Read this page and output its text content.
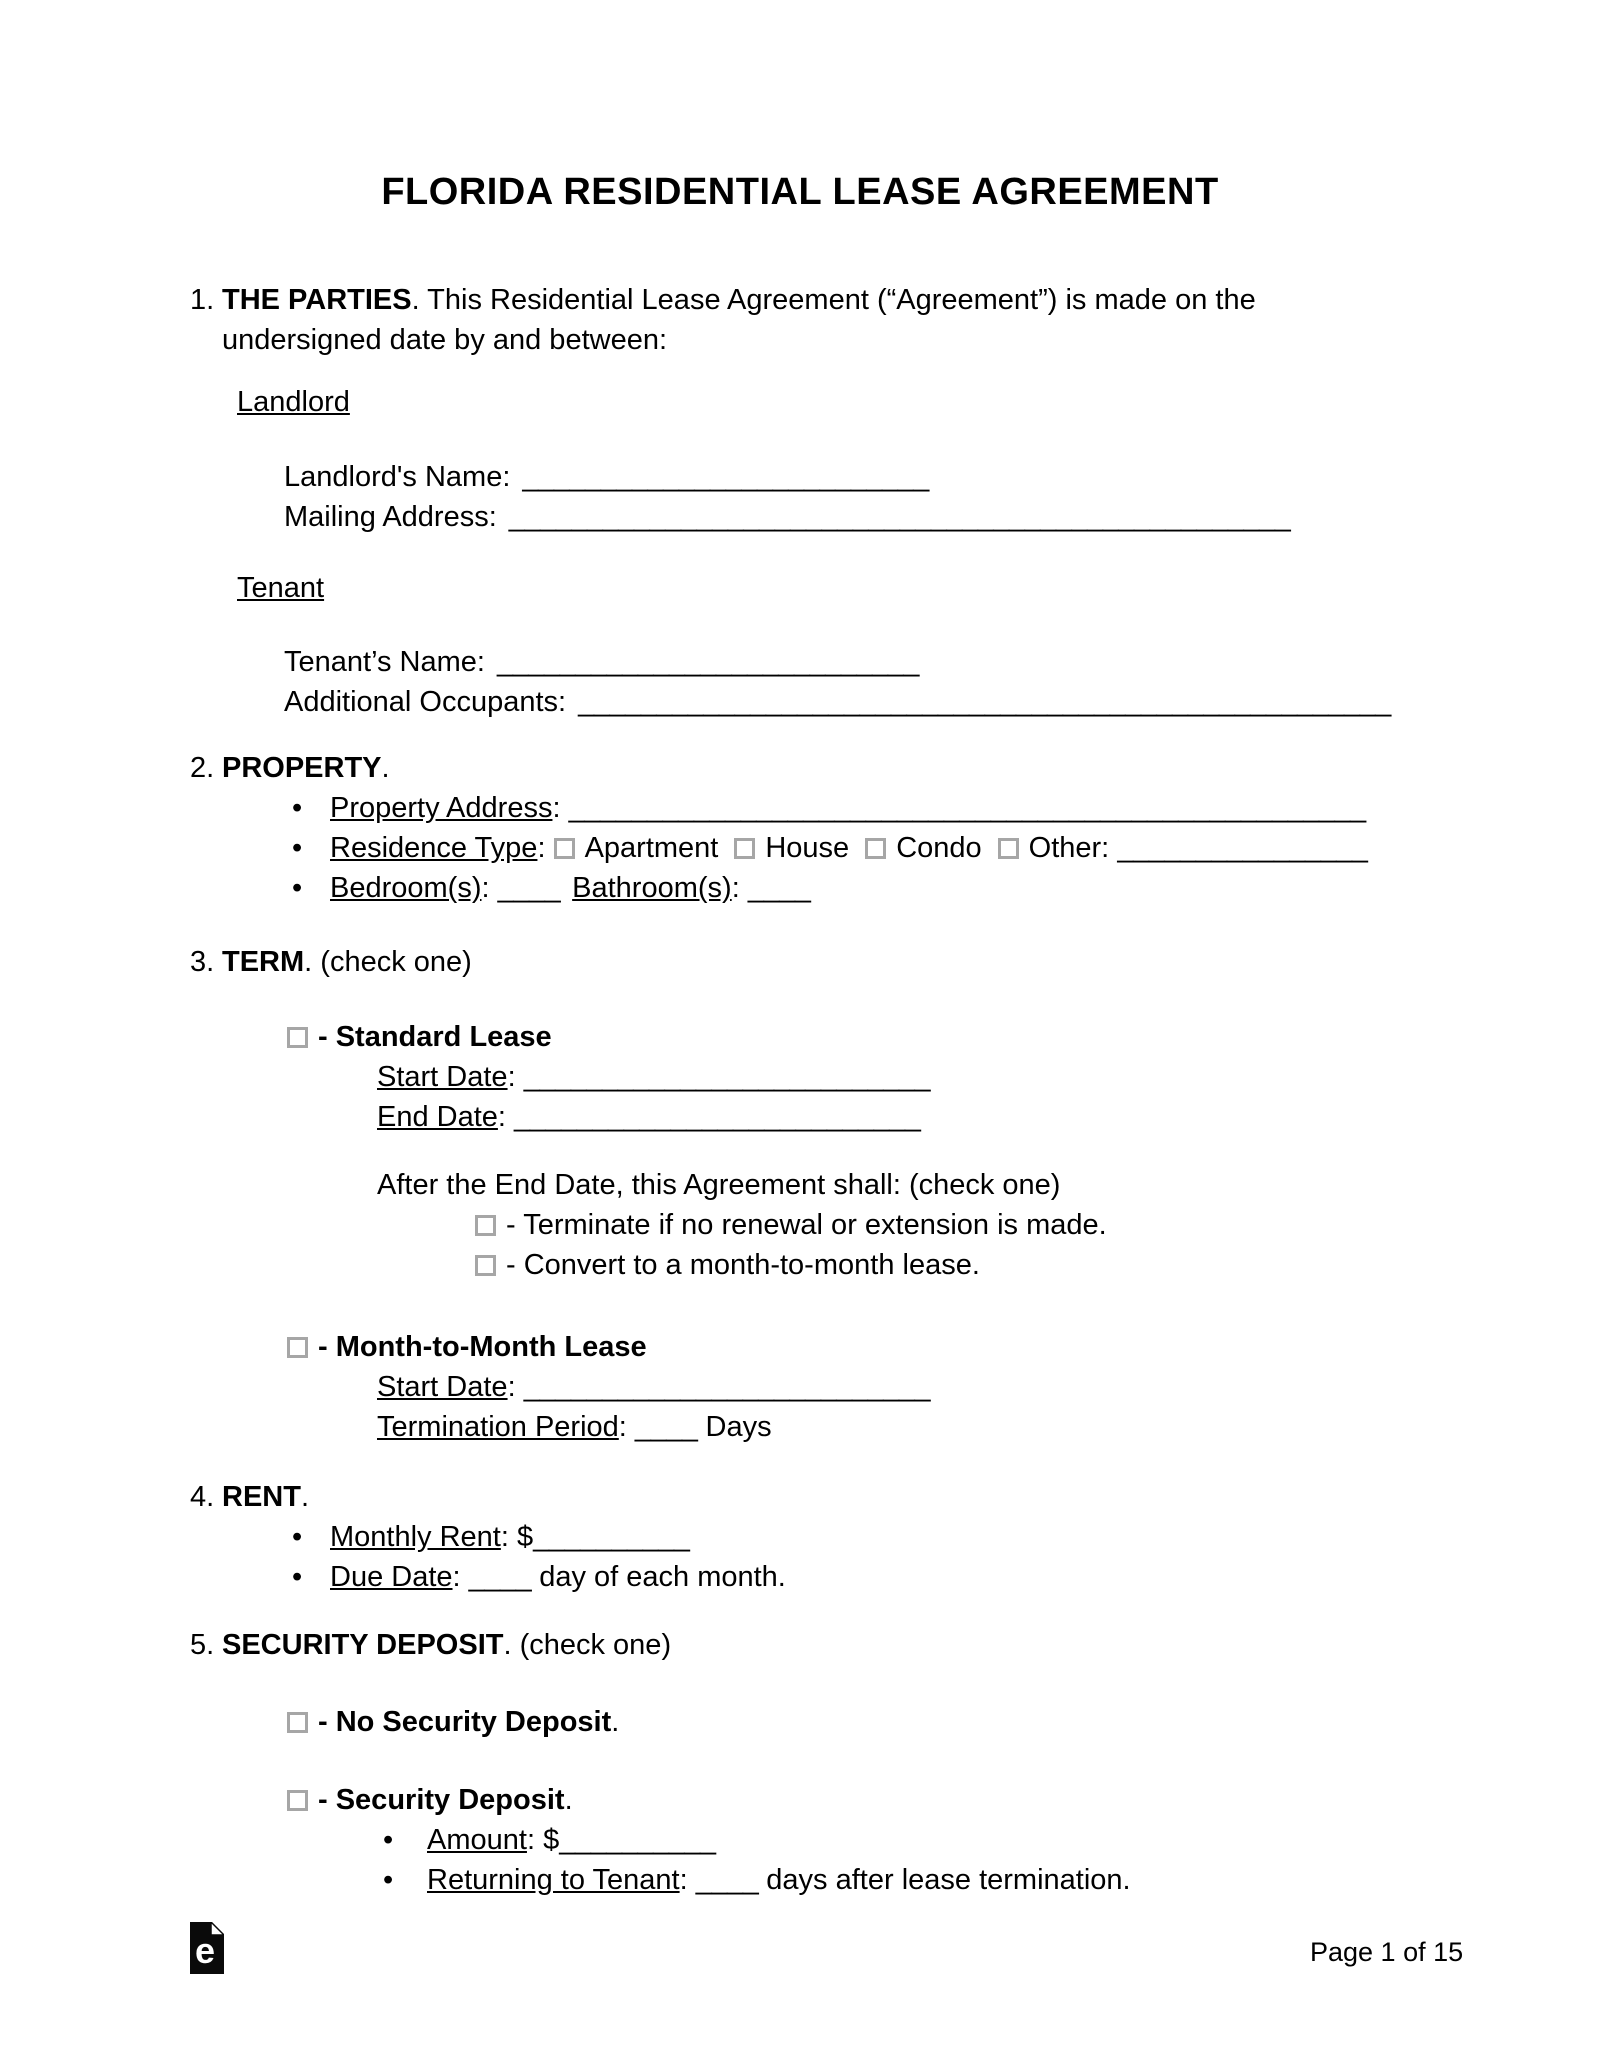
FLORIDA RESIDENTIAL LEASE AGREEMENT
1. THE PARTIES. This Residential Lease Agreement (“Agreement”) is made on the
undersigned date by and between:
Landlord
Landlord's Name: __________________________
Mailing Address: __________________________________________________
Tenant
Tenant’s Name: ___________________________
Additional Occupants: ____________________________________________________
2. PROPERTY.
• Property Address: ___________________________________________________
• Residence Type: Apartment House Condo Other: ________________
• Bedroom(s): ____ Bathroom(s): ____
3. TERM. (check one)
- Standard Lease
Start Date: __________________________
End Date: __________________________
After the End Date, this Agreement shall: (check one)
- Terminate if no renewal or extension is made.
- Convert to a month-to-month lease.
- Month-to-Month Lease
Start Date: __________________________
Termination Period: ____ Days
4. RENT.
• Monthly Rent: $__________
• Due Date: ____ day of each month.
5. SECURITY DEPOSIT. (check one)
- No Security Deposit.
- Security Deposit.
• Amount: $__________
• Returning to Tenant: ____ days after lease termination.
e	Page 1 of 15
